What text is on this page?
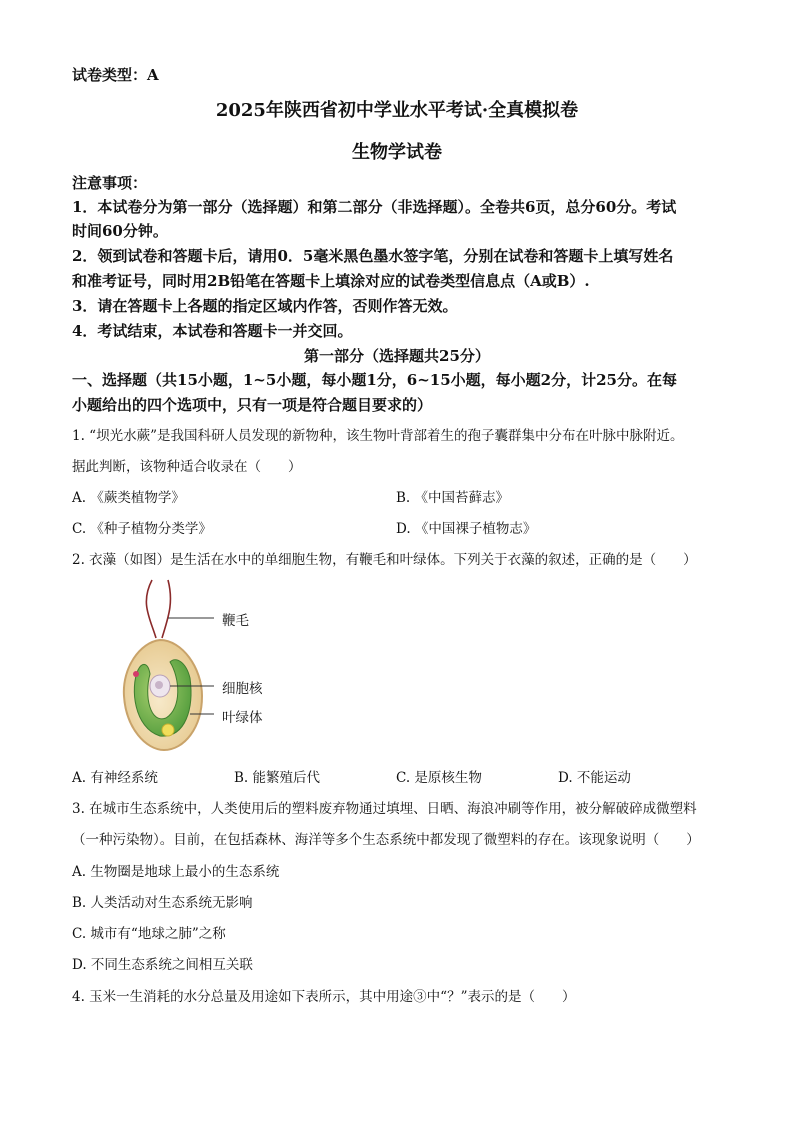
试卷类型：A
2025年陕西省初中学业水平考试·全真模拟卷
生物学试卷
注意事项：
1．本试卷分为第一部分（选择题）和第二部分（非选择题）。全卷共6页，总分60分。考试
时间60分钟。
2．领到试卷和答题卡后，请用0．5毫米黑色墨水签字笔，分别在试卷和答题卡上填写姓名
和准考证号，同时用2B铅笔在答题卡上填涂对应的试卷类型信息点（A或B）.
3．请在答题卡上各题的指定区域内作答，否则作答无效。
4．考试结束，本试卷和答题卡一并交回。
第一部分（选择题共25分）
一、选择题（共15小题，1~5小题，每小题1分，6~15小题，每小题2分，计25分。在每
小题给出的四个选项中，只有一项是符合题目要求的）
1. “坝光水蕨”是我国科研人员发现的新物种，该生物叶背部着生的孢子囊群集中分布在叶脉中脉附近。
据此判断，该物种适合收录在（　　）
A. 《蕨类植物学》	B. 《中国苔藓志》
C. 《种子植物分类学》	D. 《中国裸子植物志》
2. 衣藻（如图）是生活在水中的单细胞生物，有鞭毛和叶绿体。下列关于衣藻的叙述，正确的是（　　）
鞭毛
细胞核
叶绿体
A. 有神经系统	B. 能繁殖后代	C. 是原核生物	D. 不能运动
3. 在城市生态系统中，人类使用后的塑料废弃物通过填埋、日晒、海浪冲刷等作用，被分解破碎成微塑料
（一种污染物）。目前，在包括森林、海洋等多个生态系统中都发现了微塑料的存在。该现象说明（　　）
A. 生物圈是地球上最小的生态系统
B. 人类活动对生态系统无影响
C. 城市有“地球之肺”之称
D. 不同生态系统之间相互关联
4. 玉米一生消耗的水分总量及用途如下表所示，其中用途③中“？”表示的是（　　）
